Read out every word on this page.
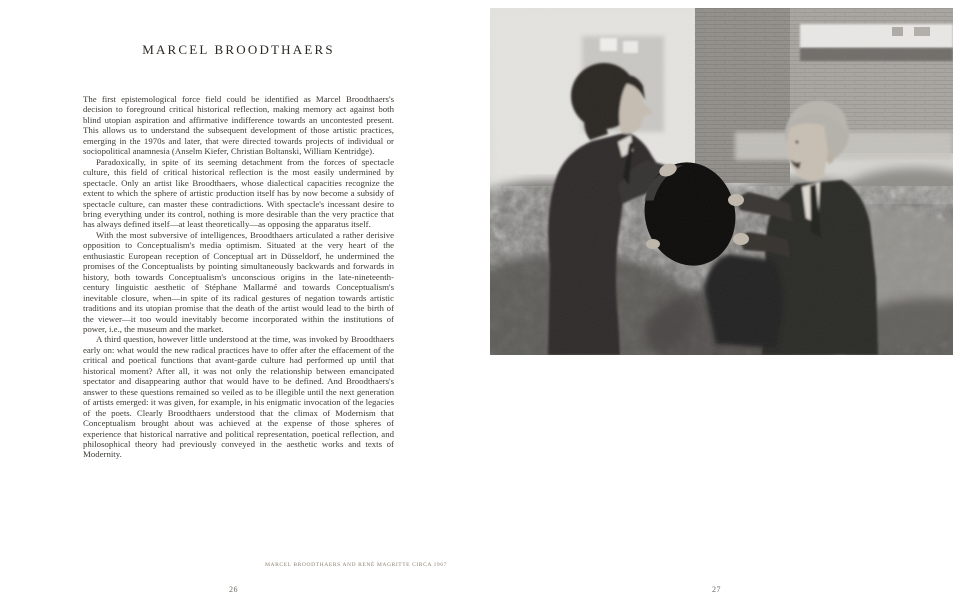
MARCEL BROODTHAERS

The first epistemological force field could be identified as Marcel Broodthaers's decision to foreground critical historical reflection, making memory act against both blind utopian aspiration and affirmative indifference towards an uncontested present. This allows us to understand the subsequent development of those artistic practices, emerging in the 1970s and later, that were directed towards projects of individual or sociopolitical anamnesia (Anselm Kiefer, Christian Boltanski, William Kentridge).

Paradoxically, in spite of its seeming detachment from the forces of spectacle culture, this field of critical historical reflection is the most easily undermined by spectacle. Only an artist like Broodthaers, whose dialectical capacities recognize the extent to which the sphere of artistic production itself has by now become a subsidy of spectacle culture, can master these contradictions. With spectacle's incessant desire to bring everything under its control, nothing is more desirable than the very practice that has always defined itself—at least theoretically—as opposing the apparatus itself.

With the most subversive of intelligences, Broodthaers articulated a rather derisive opposition to Conceptualism's media optimism. Situated at the very heart of the enthusiastic European reception of Conceptual art in Düsseldorf, he undermined the promises of the Conceptualists by pointing simultaneously backwards and forwards in history, both towards Conceptualism's unconscious origins in the late-nineteenth-century linguistic aesthetic of Stéphane Mallarmé and towards Conceptualism's inevitable closure, when—in spite of its radical gestures of negation towards artistic traditions and its utopian promise that the death of the artist would lead to the birth of the viewer—it too would inevitably become incorporated within the institutions of power, i.e., the museum and the market.

A third question, however little understood at the time, was invoked by Broodthaers early on: what would the new radical practices have to offer after the effacement of the critical and poetical functions that avant-garde culture had performed up until that historical moment? After all, it was not only the relationship between emancipated spectator and disappearing author that would have to be defined. And Broodthaers's answer to these questions remained so veiled as to be illegible until the next generation of artists emerged: it was given, for example, in his enigmatic invocation of the legacies of the poets. Clearly Broodthaers understood that the climax of Modernism that Conceptualism brought about was achieved at the expense of those spheres of experience that historical narrative and political representation, poetical reflection, and philosophical theory had previously conveyed in the aesthetic works and texts of Modernity.

MARCEL BROODTHAERS AND RENÉ MAGRITTE CIRCA 1967
26	27
